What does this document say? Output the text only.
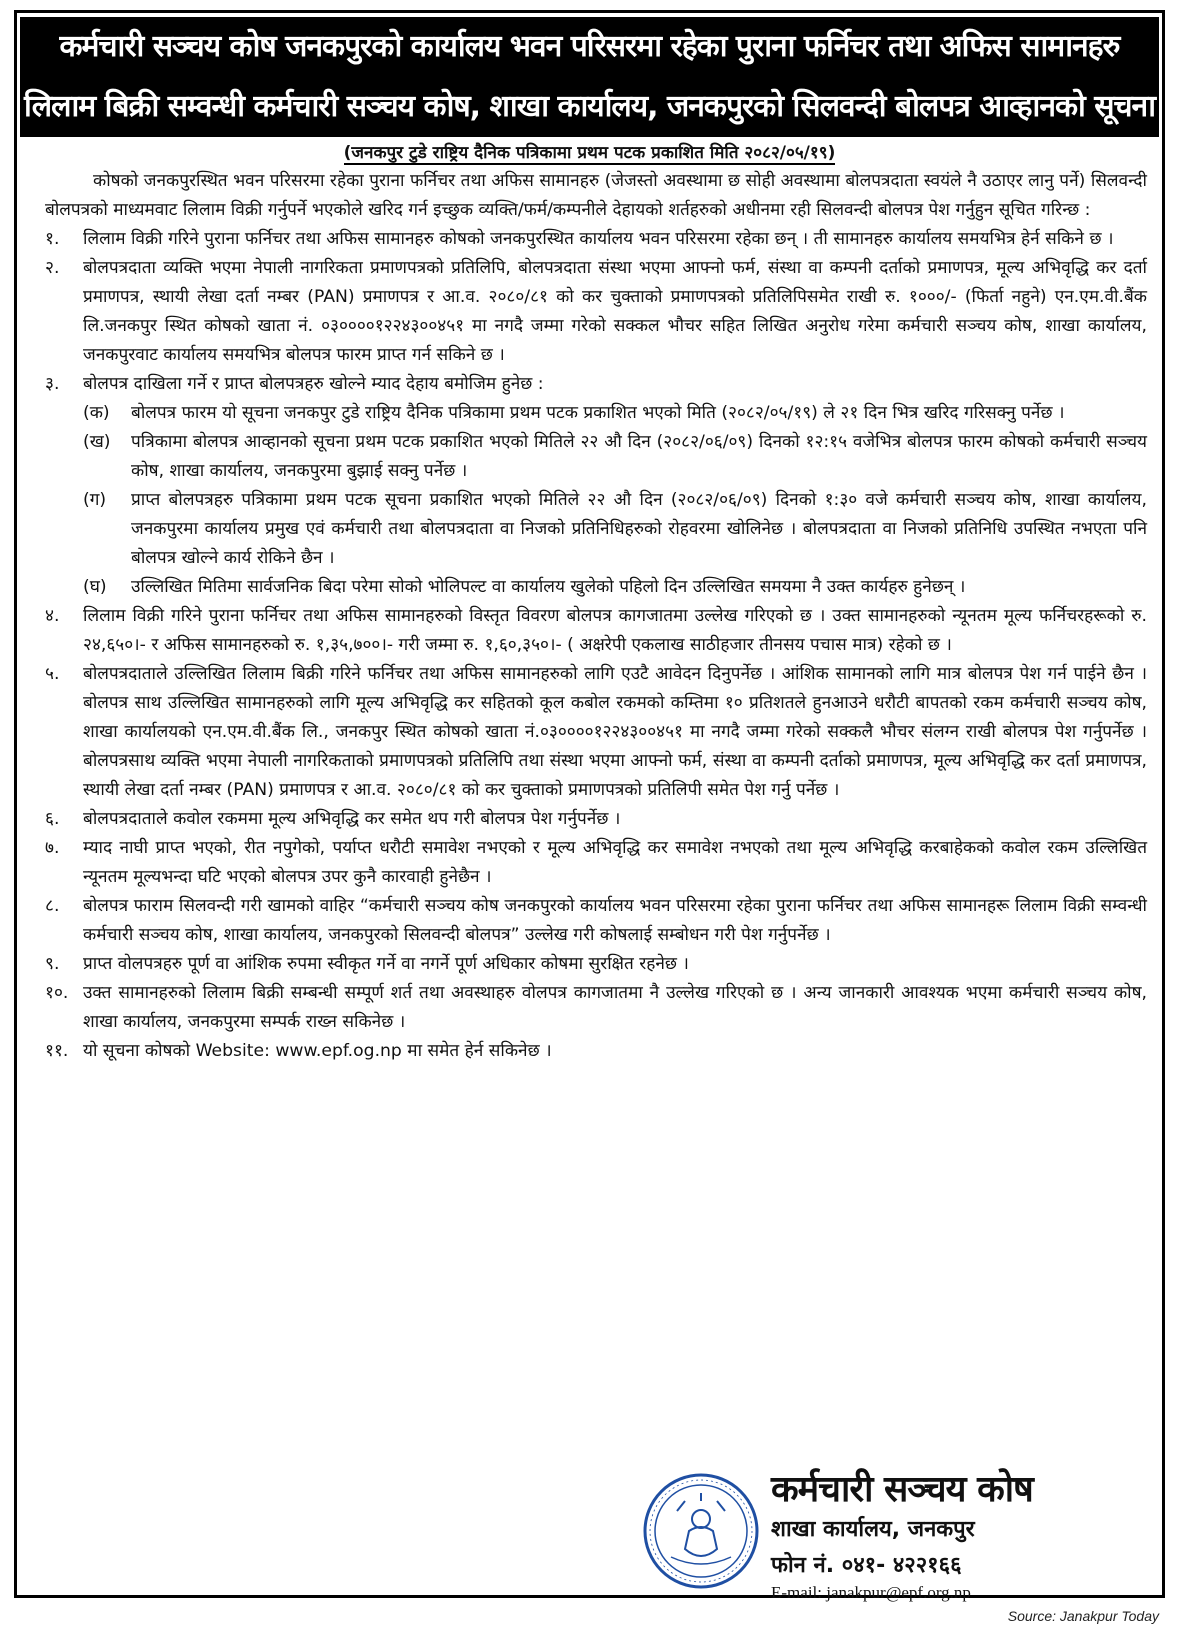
कर्मचारी सञ्चय कोष जनकपुरको कार्यालय भवन परिसरमा रहेका पुराना फर्निचर तथा अफिस सामानहरु
लिलाम बिक्री सम्वन्धी कर्मचारी सञ्चय कोष, शाखा कार्यालय, जनकपुरको सिलवन्दी बोलपत्र आव्हानको सूचना
(जनकपुर टुडे राष्ट्रिय दैनिक पत्रिकामा प्रथम पटक प्रकाशित मिति २०८२/०५/१९)

कोषको जनकपुरस्थित भवन परिसरमा रहेका पुराना फर्निचर तथा अफिस सामानहरु (जेजस्तो अवस्थामा छ सोही अवस्थामा बोलपत्रदाता स्वयंले नै उठाएर लानु पर्ने) सिलवन्दी बोलपत्रको माध्यमवाट लिलाम विक्री गर्नुपर्ने भएकोले खरिद गर्न इच्छुक व्यक्ति/फर्म/कम्पनीले देहायको शर्तहरुको अधीनमा रही सिलवन्दी बोलपत्र पेश गर्नुहुन सूचित गरिन्छ :

१.	लिलाम विक्री गरिने पुराना फर्निचर तथा अफिस सामानहरु कोषको जनकपुरस्थित कार्यालय भवन परिसरमा रहेका छन् । ती सामानहरु कार्यालय समयभित्र हेर्न सकिने छ ।
२.	बोलपत्रदाता व्यक्ति भएमा नेपाली नागरिकता प्रमाणपत्रको प्रतिलिपि, बोलपत्रदाता संस्था भएमा आफ्नो फर्म, संस्था वा कम्पनी दर्ताको प्रमाणपत्र, मूल्य अभिवृद्धि कर दर्ता प्रमाणपत्र, स्थायी लेखा दर्ता नम्बर (PAN) प्रमाणपत्र र आ.व. २०८०/८१ को कर चुक्ताको प्रमाणपत्रको प्रतिलिपिसमेत राखी रु. १०००/- (फिर्ता नहुने) एन.एम.वी.बैंक लि.जनकपुर स्थित कोषको खाता नं. ०३००००१२२४३००४५१ मा नगदै जम्मा गरेको सक्कल भौचर सहित लिखित अनुरोध गरेमा कर्मचारी सञ्चय कोष, शाखा कार्यालय, जनकपुरवाट कार्यालय समयभित्र बोलपत्र फारम प्राप्त गर्न सकिने छ ।
३.	बोलपत्र दाखिला गर्ने र प्राप्त बोलपत्रहरु खोल्ने म्याद देहाय बमोजिम हुनेछ :
(क)	बोलपत्र फारम यो सूचना जनकपुर टुडे राष्ट्रिय दैनिक पत्रिकामा प्रथम पटक प्रकाशित भएको मिति (२०८२/०५/१९) ले २१ दिन भित्र खरिद गरिसक्नु पर्नेछ ।
(ख)	पत्रिकामा बोलपत्र आव्हानको सूचना प्रथम पटक प्रकाशित भएको मितिले २२ औ दिन (२०८२/०६/०९) दिनको १२:१५ वजेभित्र बोलपत्र फारम कोषको कर्मचारी सञ्चय कोष, शाखा कार्यालय, जनकपुरमा बुझाई सक्नु पर्नेछ ।
(ग)	प्राप्त बोलपत्रहरु पत्रिकामा प्रथम पटक सूचना प्रकाशित भएको मितिले २२ औ दिन (२०८२/०६/०९) दिनको १:३० वजे कर्मचारी सञ्चय कोष, शाखा कार्यालय, जनकपुरमा कार्यालय प्रमुख एवं कर्मचारी तथा बोलपत्रदाता वा निजको प्रतिनिधिहरुको रोहवरमा खोलिनेछ । बोलपत्रदाता वा निजको प्रतिनिधि उपस्थित नभएता पनि बोलपत्र खोल्ने कार्य रोकिने छैन ।
(घ)	उल्लिखित मितिमा सार्वजनिक बिदा परेमा सोको भोलिपल्ट वा कार्यालय खुलेको पहिलो दिन उल्लिखित समयमा नै उक्त कार्यहरु हुनेछन् ।
४.	लिलाम विक्री गरिने पुराना फर्निचर तथा अफिस सामानहरुको विस्तृत विवरण बोलपत्र कागजातमा उल्लेख गरिएको छ । उक्त सामानहरुको न्यूनतम मूल्य फर्निचरहरूको रु. २४,६५०।- र अफिस सामानहरुको रु. १,३५,७००।- गरी जम्मा रु. १,६०,३५०।- ( अक्षरेपी एकलाख साठीहजार तीनसय पचास मात्र) रहेको छ ।
५.	बोलपत्रदाताले उल्लिखित लिलाम बिक्री गरिने फर्निचर तथा अफिस सामानहरुको लागि एउटै आवेदन दिनुपर्नेछ । आंशिक सामानको लागि मात्र बोलपत्र पेश गर्न पाईने छैन । बोलपत्र साथ उल्लिखित सामानहरुको लागि मूल्य अभिवृद्धि कर सहितको कूल कबोल रकमको कम्तिमा १० प्रतिशतले हुनआउने धरौटी बापतको रकम कर्मचारी सञ्चय कोष, शाखा कार्यालयको एन.एम.वी.बैंक लि., जनकपुर स्थित कोषको खाता नं.०३००००१२२४३००४५१ मा नगदै जम्मा गरेको सक्कलै भौचर संलग्न राखी बोलपत्र पेश गर्नुपर्नेछ । बोलपत्रसाथ व्यक्ति भएमा नेपाली नागरिकताको प्रमाणपत्रको प्रतिलिपि तथा संस्था भएमा आफ्नो फर्म, संस्था वा कम्पनी दर्ताको प्रमाणपत्र, मूल्य अभिवृद्धि कर दर्ता प्रमाणपत्र, स्थायी लेखा दर्ता नम्बर (PAN) प्रमाणपत्र र आ.व. २०८०/८१ को कर चुक्ताको प्रमाणपत्रको प्रतिलिपी समेत पेश गर्नु पर्नेछ ।
६.	बोलपत्रदाताले कवोल रकममा मूल्य अभिवृद्धि कर समेत थप गरी बोलपत्र पेश गर्नुपर्नेछ ।
७.	म्याद नाघी प्राप्त भएको, रीत नपुगेको, पर्याप्त धरौटी समावेश नभएको र मूल्य अभिवृद्धि कर समावेश नभएको तथा मूल्य अभिवृद्धि करबाहेकको कवोल रकम उल्लिखित न्यूनतम मूल्यभन्दा घटि भएको बोलपत्र उपर कुनै कारवाही हुनेछैन ।
८.	बोलपत्र फाराम सिलवन्दी गरी खामको वाहिर “कर्मचारी सञ्चय कोष जनकपुरको कार्यालय भवन परिसरमा रहेका पुराना फर्निचर तथा अफिस सामानहरू लिलाम विक्री सम्वन्धी कर्मचारी सञ्चय कोष, शाखा कार्यालय, जनकपुरको सिलवन्दी बोलपत्र” उल्लेख गरी कोषलाई सम्बोधन गरी पेश गर्नुपर्नेछ ।
९.	प्राप्त वोलपत्रहरु पूर्ण वा आंशिक रुपमा स्वीकृत गर्ने वा नगर्ने पूर्ण अधिकार कोषमा सुरक्षित रहनेछ ।
१०. उक्त सामानहरुको लिलाम बिक्री सम्बन्धी सम्पूर्ण शर्त तथा अवस्थाहरु वोलपत्र कागजातमा नै उल्लेख गरिएको छ । अन्य जानकारी आवश्यक भएमा कर्मचारी सञ्चय कोष, शाखा कार्यालय, जनकपुरमा सम्पर्क राख्न सकिनेछ ।
११. यो सूचना कोषको Website: www.epf.og.np मा समेत हेर्न सकिनेछ ।
कर्मचारी सञ्चय कोष
शाखा कार्यालय, जनकपुर
फोन नं. ०४१- ४२२१६६
E-mail: janakpur@epf.org.np
Source: Janakpur Today
